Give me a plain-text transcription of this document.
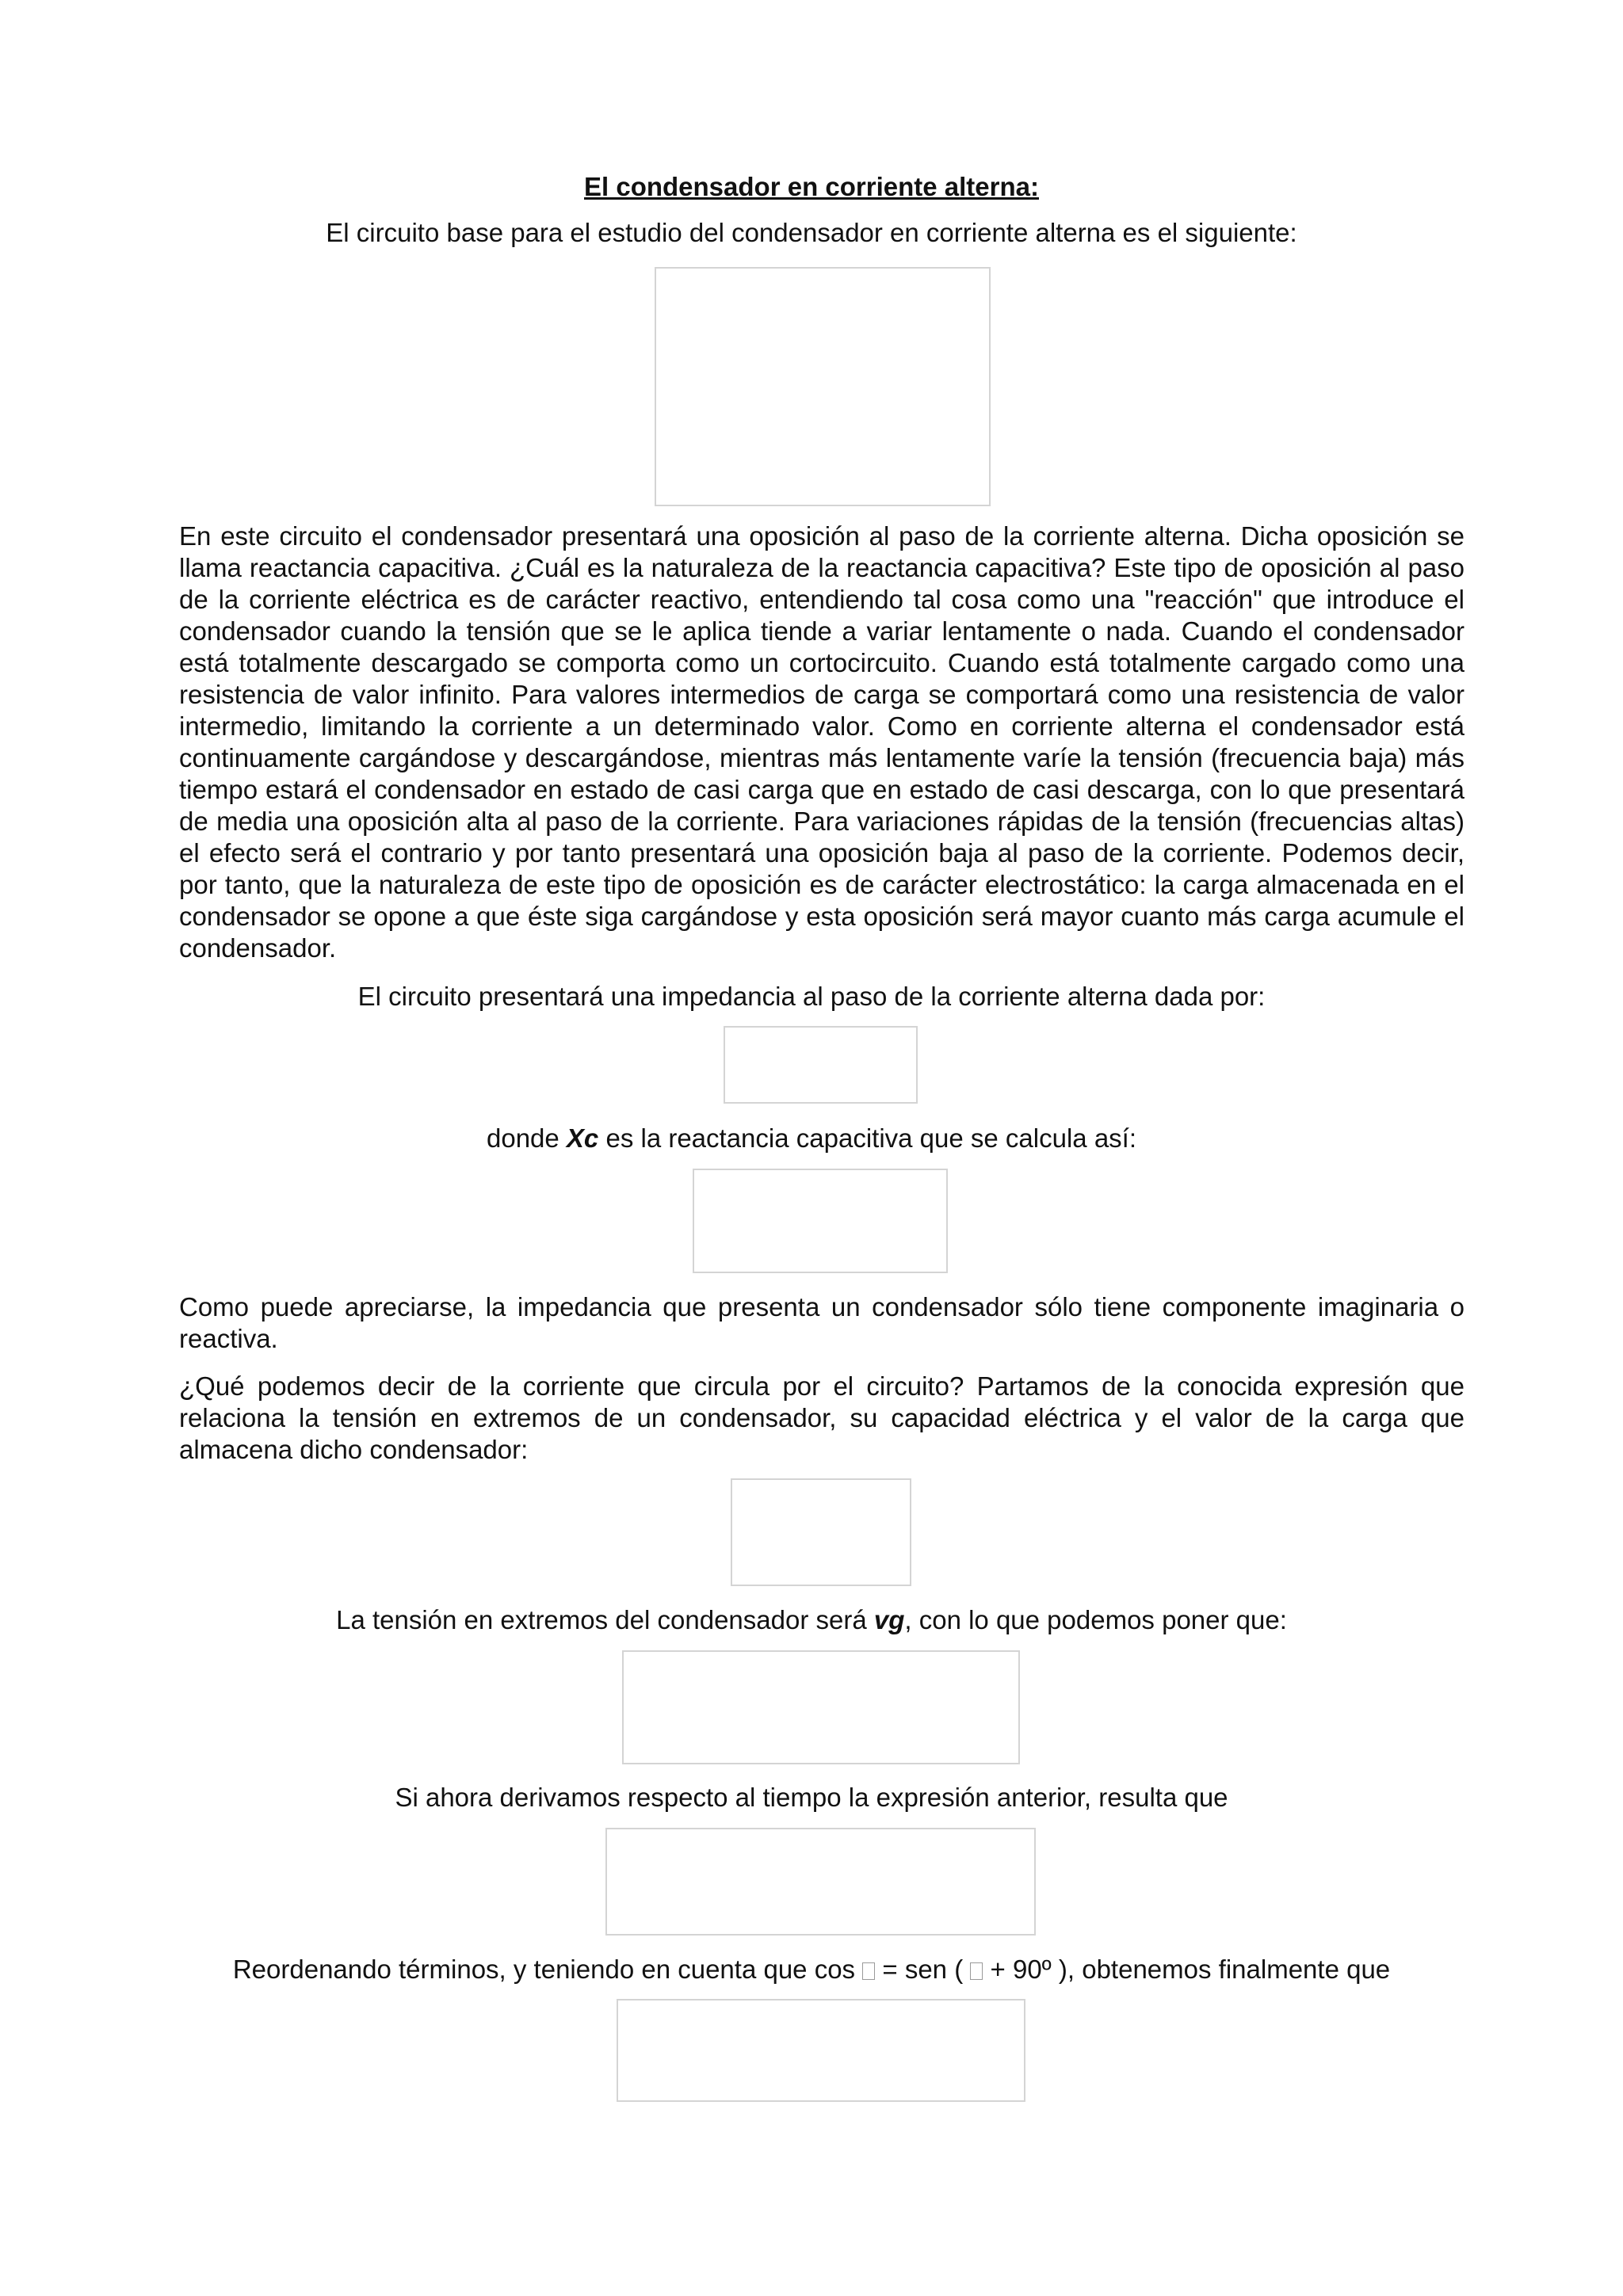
El condensador en corriente alterna:
El circuito base para el estudio del condensador en corriente alterna es el siguiente:
En este circuito el condensador presentará una oposición al paso de la corriente alterna. Dicha oposición se llama reactancia capacitiva. ¿Cuál es la naturaleza de la reactancia capacitiva? Este tipo de oposición al paso de la corriente eléctrica es de carácter reactivo, entendiendo tal cosa como una "reacción" que introduce el condensador cuando la tensión que se le aplica tiende a variar lentamente o nada. Cuando el condensador está totalmente descargado se comporta como un cortocircuito. Cuando está totalmente cargado como una resistencia de valor infinito. Para valores intermedios de carga se comportará como una resistencia de valor intermedio, limitando la corriente a un determinado valor. Como en corriente alterna el condensador está continuamente cargándose y descargándose, mientras más lentamente varíe la tensión (frecuencia baja) más tiempo estará el condensador en estado de casi carga que en estado de casi descarga, con lo que presentará de media una oposición alta al paso de la corriente. Para variaciones rápidas de la tensión (frecuencias altas) el efecto será el contrario y por tanto presentará una oposición baja al paso de la corriente. Podemos decir, por tanto, que la naturaleza de este tipo de oposición es de carácter electrostático: la carga almacenada en el condensador se opone a que éste siga cargándose y esta oposición será mayor cuanto más carga acumule el condensador.
El circuito presentará una impedancia al paso de la corriente alterna dada por:
donde Xc es la reactancia capacitiva que se calcula así:
Como puede apreciarse, la impedancia que presenta un condensador sólo tiene componente imaginaria o reactiva.
¿Qué podemos decir de la corriente que circula por el circuito? Partamos de la conocida expresión que relaciona la tensión en extremos de un condensador, su capacidad eléctrica y el valor de la carga que almacena dicho condensador:
La tensión en extremos del condensador será vg, con lo que podemos poner que:
Si ahora derivamos respecto al tiempo la expresión anterior, resulta que
Reordenando términos, y teniendo en cuenta que cos  = sen (  + 90º ), obtenemos finalmente que
